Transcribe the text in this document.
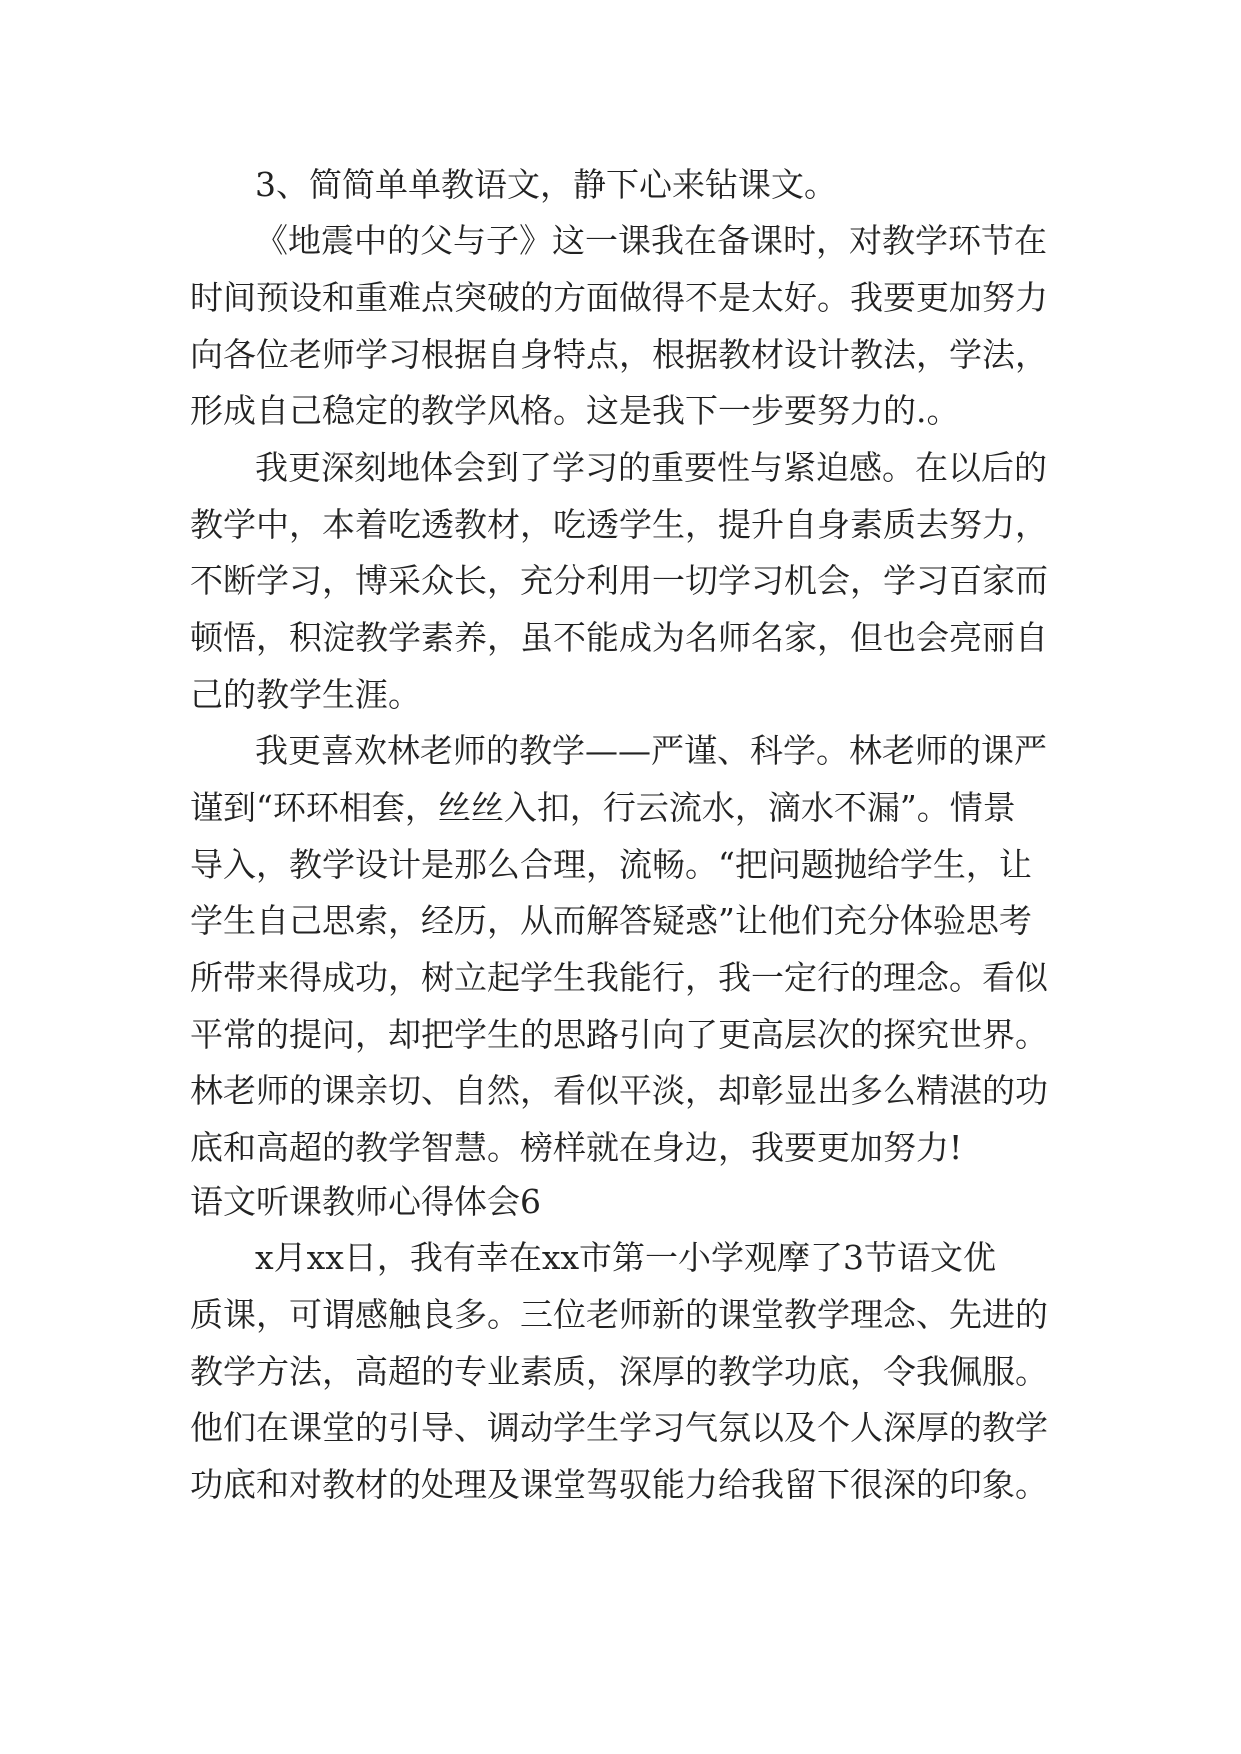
3、简简单单教语文，静下心来钻课文。
《地震中的父与子》这一课我在备课时，对教学环节在
时间预设和重难点突破的方面做得不是太好。我要更加努力
向各位老师学习根据自身特点，根据教材设计教法，学法，
形成自己稳定的教学风格。这是我下一步要努力的.。
我更深刻地体会到了学习的重要性与紧迫感。在以后的
教学中，本着吃透教材，吃透学生，提升自身素质去努力，
不断学习，博采众长，充分利用一切学习机会，学习百家而
顿悟，积淀教学素养，虽不能成为名师名家，但也会亮丽自
己的教学生涯。
我更喜欢林老师的教学——严谨、科学。林老师的课严
谨到“环环相套，丝丝入扣，行云流水，滴水不漏”。情景
导入，教学设计是那么合理，流畅。“把问题抛给学生，让
学生自己思索，经历，从而解答疑惑”让他们充分体验思考
所带来得成功，树立起学生我能行，我一定行的理念。看似
平常的提问，却把学生的思路引向了更高层次的探究世界。
林老师的课亲切、自然，看似平淡，却彰显出多么精湛的功
底和高超的教学智慧。榜样就在身边，我要更加努力!
语文听课教师心得体会6
x月xx日，我有幸在xx市第一小学观摩了3节语文优
质课，可谓感触良多。三位老师新的课堂教学理念、先进的
教学方法，高超的专业素质，深厚的教学功底，令我佩服。
他们在课堂的引导、调动学生学习气氛以及个人深厚的教学
功底和对教材的处理及课堂驾驭能力给我留下很深的印象。
